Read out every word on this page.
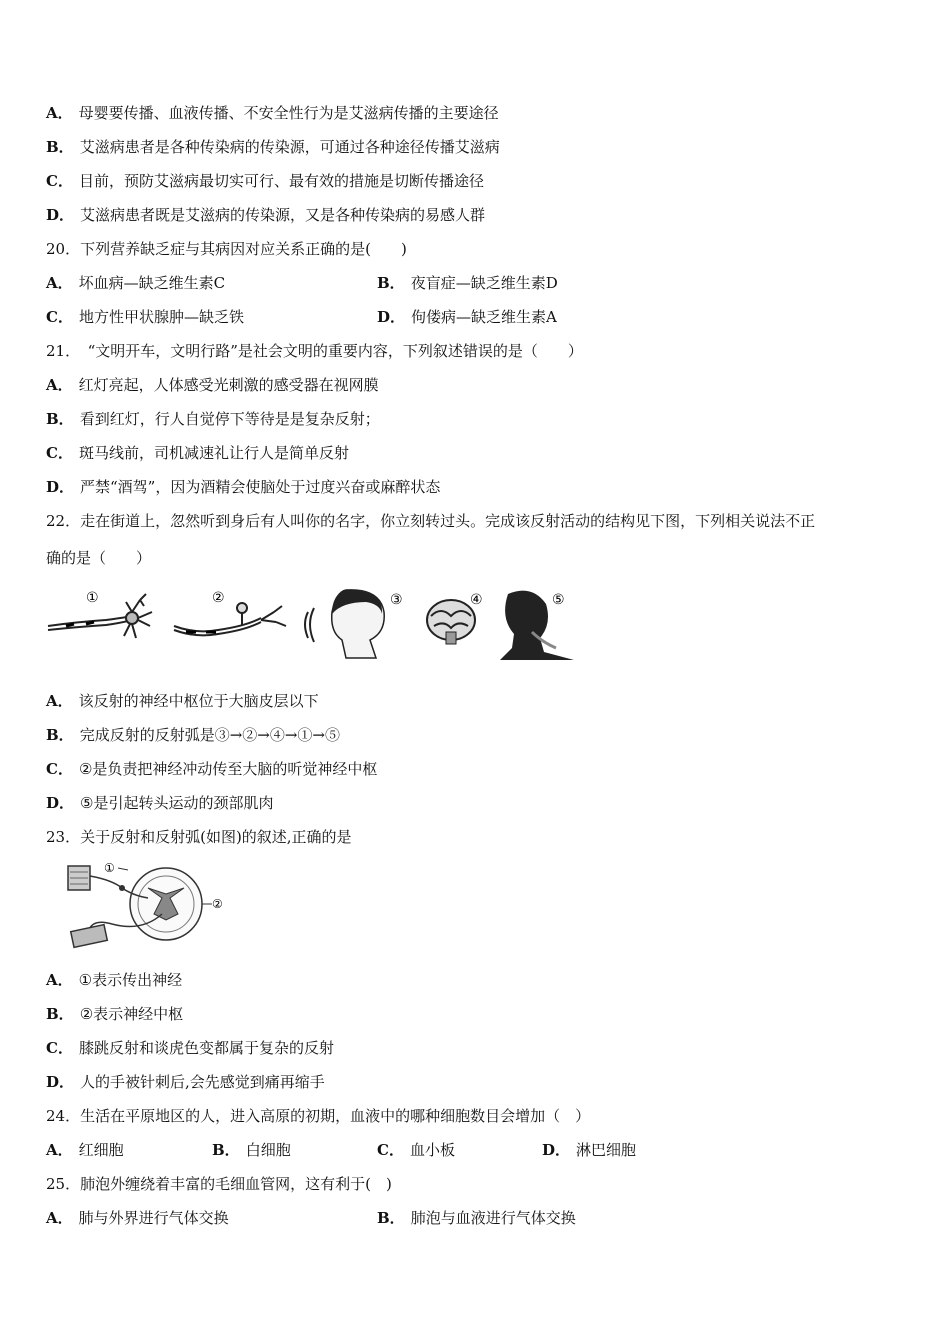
A． 母婴要传播、血液传播、不安全性行为是艾滋病传播的主要途径
B． 艾滋病患者是各种传染病的传染源，可通过各种途径传播艾滋病
C． 目前，预防艾滋病最切实可行、最有效的措施是切断传播途径
D． 艾滋病患者既是艾滋病的传染源，又是各种传染病的易感人群
20．下列营养缺乏症与其病因对应关系正确的是(　　)
A． 坏血病—缺乏维生素C	B． 夜盲症—缺乏维生素D
C． 地方性甲状腺肿—缺乏铁	D． 佝偻病—缺乏维生素A
21．　“文明开车，文明行路”是社会文明的重要内容，下列叙述错误的是（　　）
A． 红灯亮起，人体感受光刺激的感受器在视网膜
B． 看到红灯，行人自觉停下等待是是复杂反射；
C． 斑马线前，司机减速礼让行人是简单反射
D． 严禁“酒驾”，因为酒精会使脑处于过度兴奋或麻醉状态
22．走在街道上，忽然听到身后有人叫你的名字，你立刻转过头。完成该反射活动的结构见下图，下列相关说法不正
确的是（　　）
①	②	③	④	⑤
A． 该反射的神经中枢位于大脑皮层以下
B． 完成反射的反射弧是③→②→④→①→⑤
C． ②是负责把神经冲动传至大脑的听觉神经中枢
D． ⑤是引起转头运动的颈部肌肉
23．关于反射和反射弧(如图)的叙述,正确的是
①
②
A． ①表示传出神经
B． ②表示神经中枢
C． 膝跳反射和谈虎色变都属于复杂的反射
D． 人的手被针刺后,会先感觉到痛再缩手
24．生活在平原地区的人，进入高原的初期，血液中的哪种细胞数目会增加（　）
A． 红细胞	B． 白细胞	C． 血小板	D． 淋巴细胞
25．肺泡外缠绕着丰富的毛细血管网，这有利于(　)
A． 肺与外界进行气体交换	B． 肺泡与血液进行气体交换
